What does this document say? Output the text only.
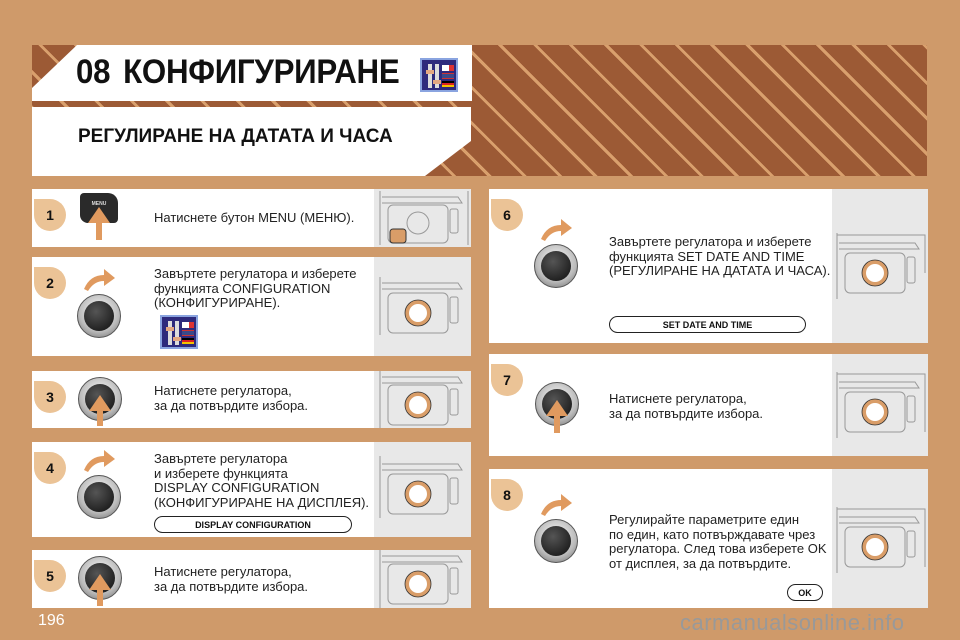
08 КОНФИГУРИРАНЕ
РЕГУЛИРАНЕ НА ДАТАТА И ЧАСА
1
MENU
Натиснете бутон MENU (МЕНЮ).
2
Завъртете регулатора и изберете
функцията CONFIGURATION
(КОНФИГУРИРАНЕ).
3	Натиснете регулатора,
за да потвърдите избора.
4
Завъртете регулатора
и изберете функцията
DISPLAY CONFIGURATION
(КОНФИГУРИРАНЕ НА ДИСПЛЕЯ).
DISPLAY CONFIGURATION
5	Натиснете регулатора,
за да потвърдите избора.
6
Завъртете регулатора и изберете
функцията SET DATE AND TIME
(РЕГУЛИРАНЕ НА ДАТАТА И ЧАСА).
SET DATE AND TIME
7
Натиснете регулатора,
за да потвърдите избора.
8
Регулирайте параметрите един
по един, като потвърждавате чрез
регулатора. След това изберете OK
от дисплея, за да потвърдите.
OK
196	carmanualsonline.info
